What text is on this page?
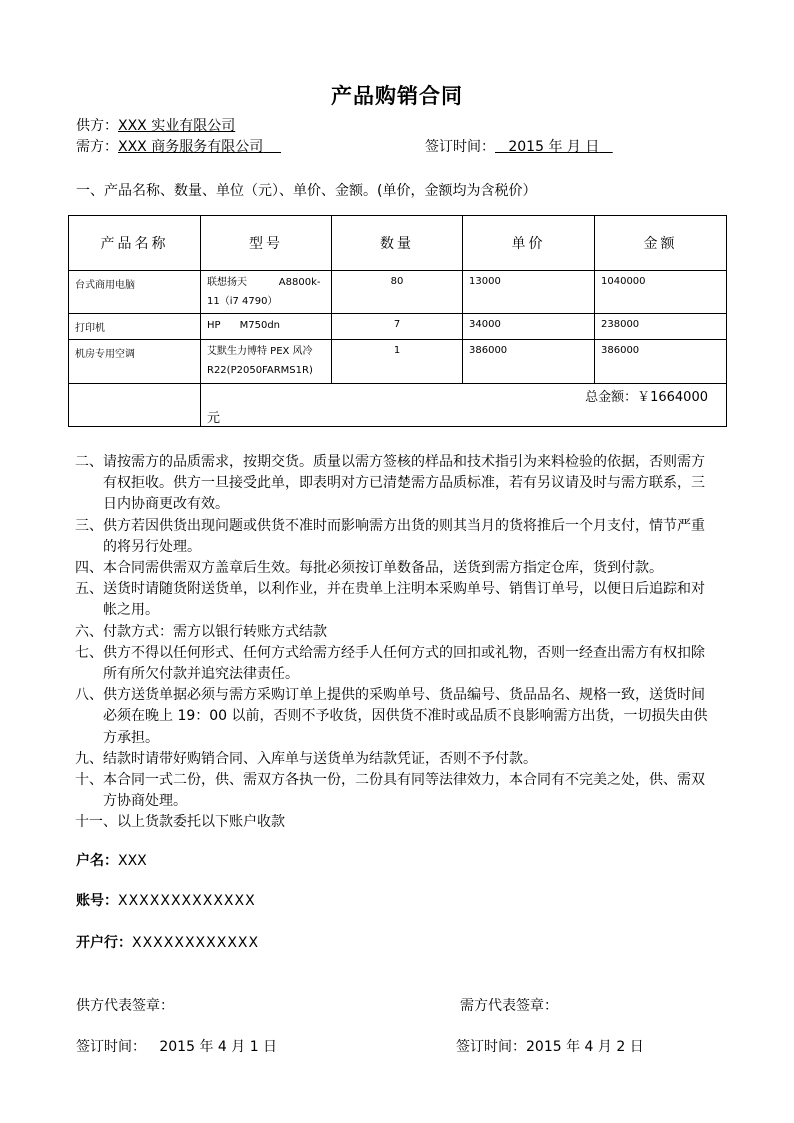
产品购销合同
供方：XXX 实业有限公司
需方：XXX 商务服务有限公司	签订时间： 2015 年 月 日
一、产品名称、数量、单位（元）、单价、金额。(单价，金额均为含税价）
产品名称	型号	数量	单价	金额
台式商用电脑	联想扬天          A8800k-
11（i7 4790）	80	13000	1040000
打印机	HP      M750dn	7	34000	238000
机房专用空调	艾默生力博特 PEX 风冷
R22(P2050FARMS1R)	1	386000	386000

	总金额：￥1664000
元			
二、请按需方的品质需求，按期交货。质量以需方签核的样品和技术指引为来料检验的依据，否则需方有权拒收。供方一旦接受此单，即表明对方已清楚需方品质标准，若有另议请及时与需方联系，三日内协商更改有效。
三、供方若因供货出现问题或供货不准时而影响需方出货的则其当月的货将推后一个月支付，情节严重的将另行处理。
四、本合同需供需双方盖章后生效。每批必须按订单数备品，送货到需方指定仓库，货到付款。
五、送货时请随货附送货单，以利作业，并在贵单上注明本采购单号、销售订单号，以便日后追踪和对帐之用。
六、付款方式：需方以银行转账方式结款
七、供方不得以任何形式、任何方式给需方经手人任何方式的回扣或礼物，否则一经查出需方有权扣除所有所欠付款并追究法律责任。
八、供方送货单据必须与需方采购订单上提供的采购单号、货品编号、货品品名、规格一致，送货时间必须在晚上 19：00 以前，否则不予收货，因供货不准时或品质不良影响需方出货，一切损失由供方承担。
九、结款时请带好购销合同、入库单与送货单为结款凭证，否则不予付款。
十、本合同一式二份，供、需双方各执一份，二份具有同等法律效力，本合同有不完美之处，供、需双方协商处理。
十一、以上货款委托以下账户收款
户名：XXX
账号：XXXXXXXXXXXXX
开户行：XXXXXXXXXXXX
供方代表签章：	需方代表签章：
签订时间： 2015 年 4 月 1 日	签订时间：2015 年 4 月 2 日
